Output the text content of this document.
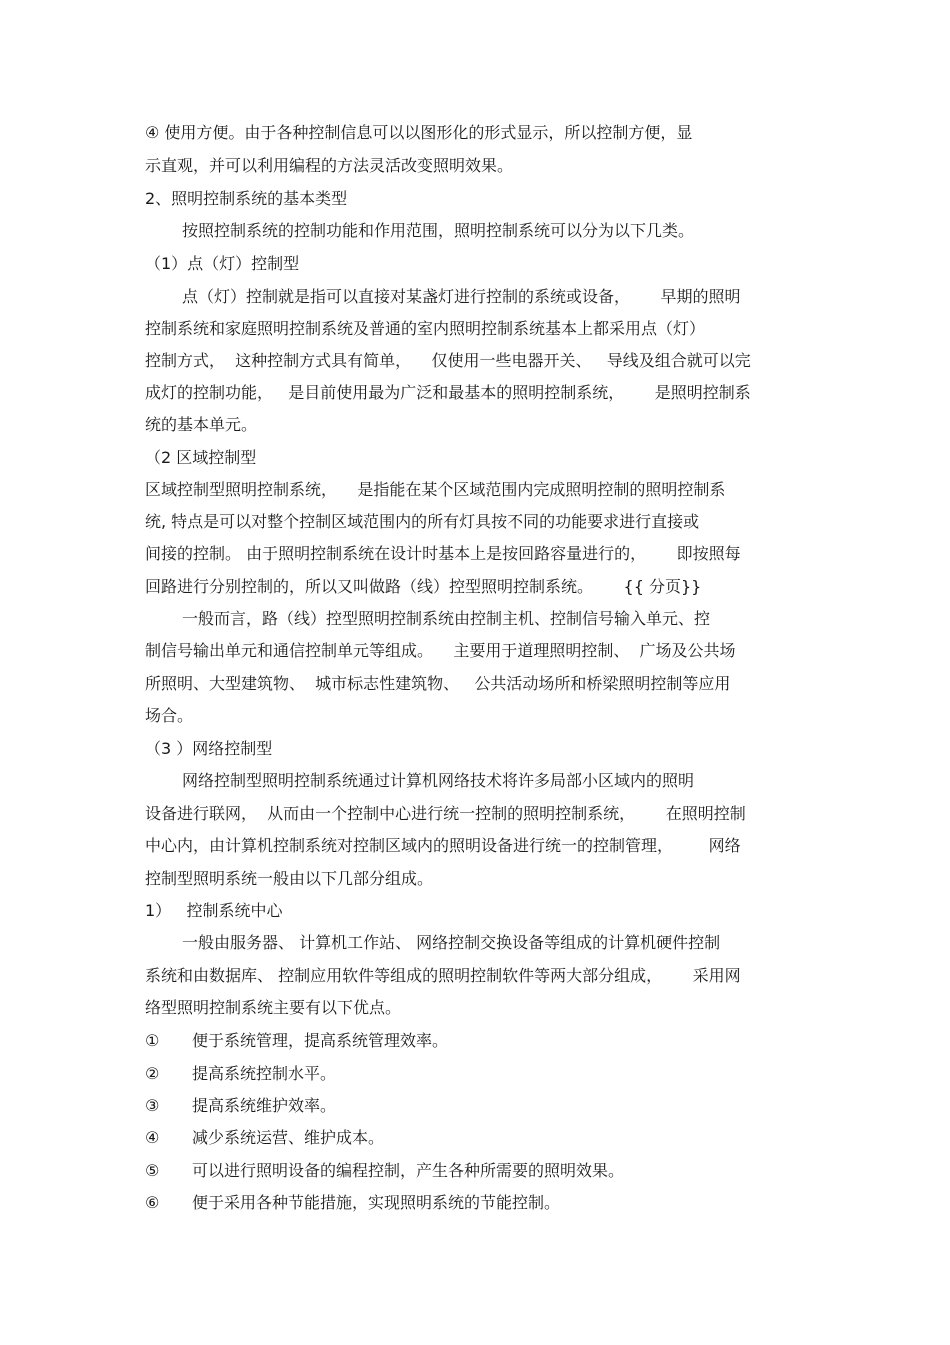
④ 使用方便。由于各种控制信息可以以图形化的形式显示，所以控制方便，显
示直观，并可以利用编程的方法灵活改变照明效果。
2、照明控制系统的基本类型
按照控制系统的控制功能和作用范围，照明控制系统可以分为以下几类。
（1）点（灯）控制型
点（灯）控制就是指可以直接对某盏灯进行控制的系统或设备，      早期的照明
控制系统和家庭照明控制系统及普通的室内照明控制系统基本上都采用点（灯）
控制方式，  这种控制方式具有简单，    仅使用一些电器开关、   导线及组合就可以完
成灯的控制功能，   是目前使用最为广泛和最基本的照明控制系统，      是照明控制系
统的基本单元。
（2 区域控制型
区域控制型照明控制系统，    是指能在某个区域范围内完成照明控制的照明控制系
统, 特点是可以对整个控制区域范围内的所有灯具按不同的功能要求进行直接或
间接的控制。 由于照明控制系统在设计时基本上是按回路容量进行的，      即按照每
回路进行分别控制的，所以又叫做路（线）控型照明控制系统。      {{ 分页}}
一般而言，路（线）控型照明控制系统由控制主机、控制信号输入单元、控
制信号输出单元和通信控制单元等组成。    主要用于道理照明控制、  广场及公共场
所照明、大型建筑物、  城市标志性建筑物、   公共活动场所和桥梁照明控制等应用
场合。
（3 ）网络控制型
网络控制型照明控制系统通过计算机网络技术将许多局部小区域内的照明
设备进行联网，  从而由一个控制中心进行统一控制的照明控制系统，      在照明控制
中心内，由计算机控制系统对控制区域内的照明设备进行统一的控制管理，       网络
控制型照明系统一般由以下几部分组成。
1）   控制系统中心
一般由服务器、 计算机工作站、 网络控制交换设备等组成的计算机硬件控制
系统和由数据库、 控制应用软件等组成的照明控制软件等两大部分组成，      采用网
络型照明控制系统主要有以下优点。
①	便于系统管理，提高系统管理效率。
②	提高系统控制水平。
③	提高系统维护效率。
④	减少系统运营、维护成本。
⑤	可以进行照明设备的编程控制，产生各种所需要的照明效果。
⑥	便于采用各种节能措施，实现照明系统的节能控制。
